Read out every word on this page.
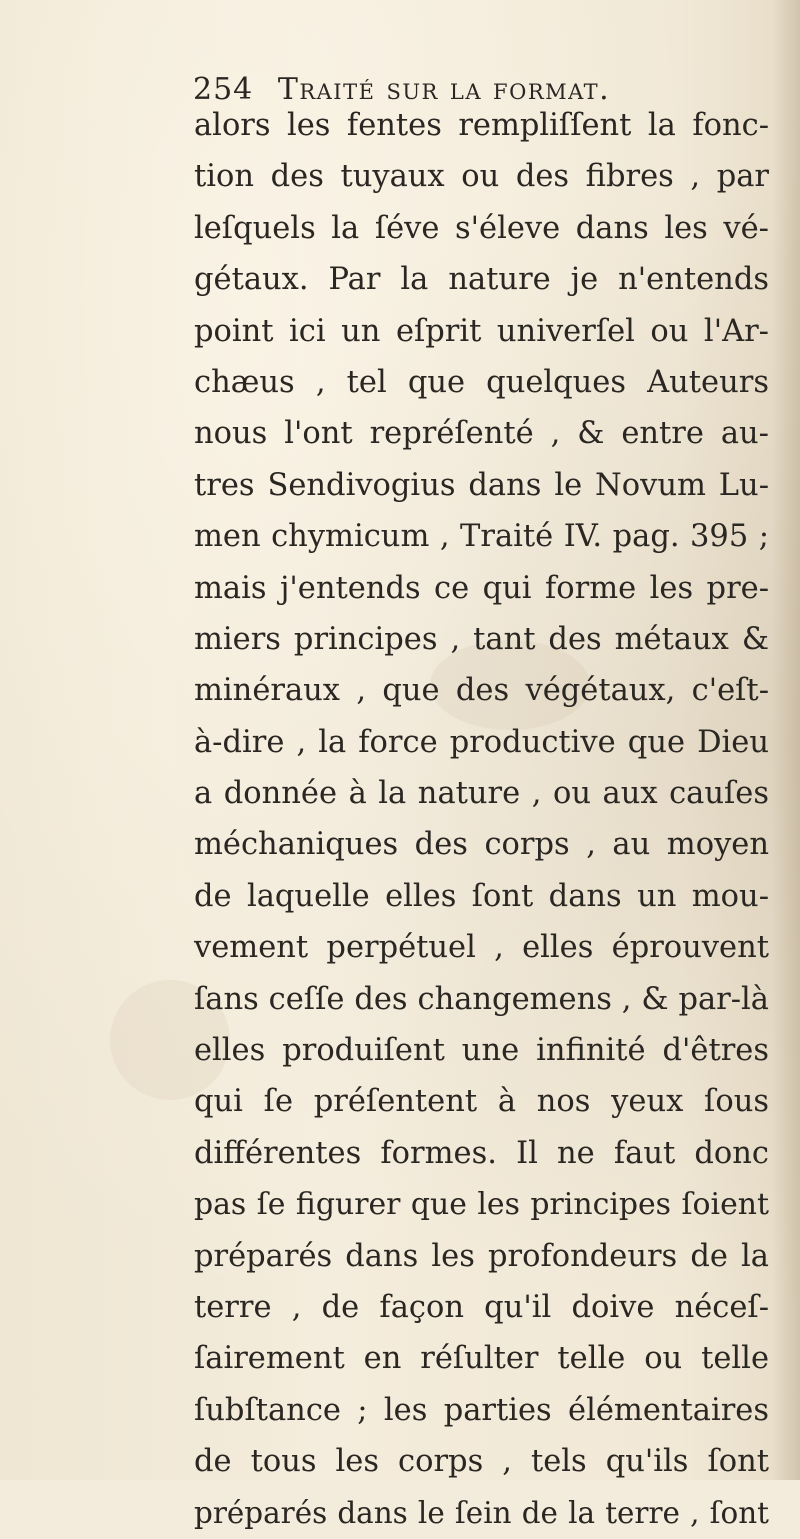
254 Traité sur la format.
alors les fentes rempliſſent la fonc-
tion des tuyaux ou des fibres , par
leſquels la ſéve s'éleve dans les vé-
gétaux. Par la nature je n'entends
point ici un eſprit univerſel ou l'Ar-
chæus , tel que quelques Auteurs
nous l'ont repréſenté , & entre au-
tres Sendivogius dans le Novum Lu-
men chymicum , Traité IV. pag. 395 ;
mais j'entends ce qui forme les pre-
miers principes , tant des métaux &
minéraux , que des végétaux, c'eſt-
à-dire , la force productive que Dieu
a donnée à la nature , ou aux cauſes
méchaniques des corps , au moyen
de laquelle elles ſont dans un mou-
vement perpétuel , elles éprouvent
ſans ceſſe des changemens , & par-là
elles produiſent une infinité d'êtres
qui ſe préſentent à nos yeux ſous
différentes formes. Il ne faut donc
pas ſe figurer que les principes ſoient
préparés dans les profondeurs de la
terre , de façon qu'il doive néceſ-
ſairement en réſulter telle ou telle
ſubſtance ; les parties élémentaires
de tous les corps , tels qu'ils ſont
préparés dans le ſein de la terre , ſont
